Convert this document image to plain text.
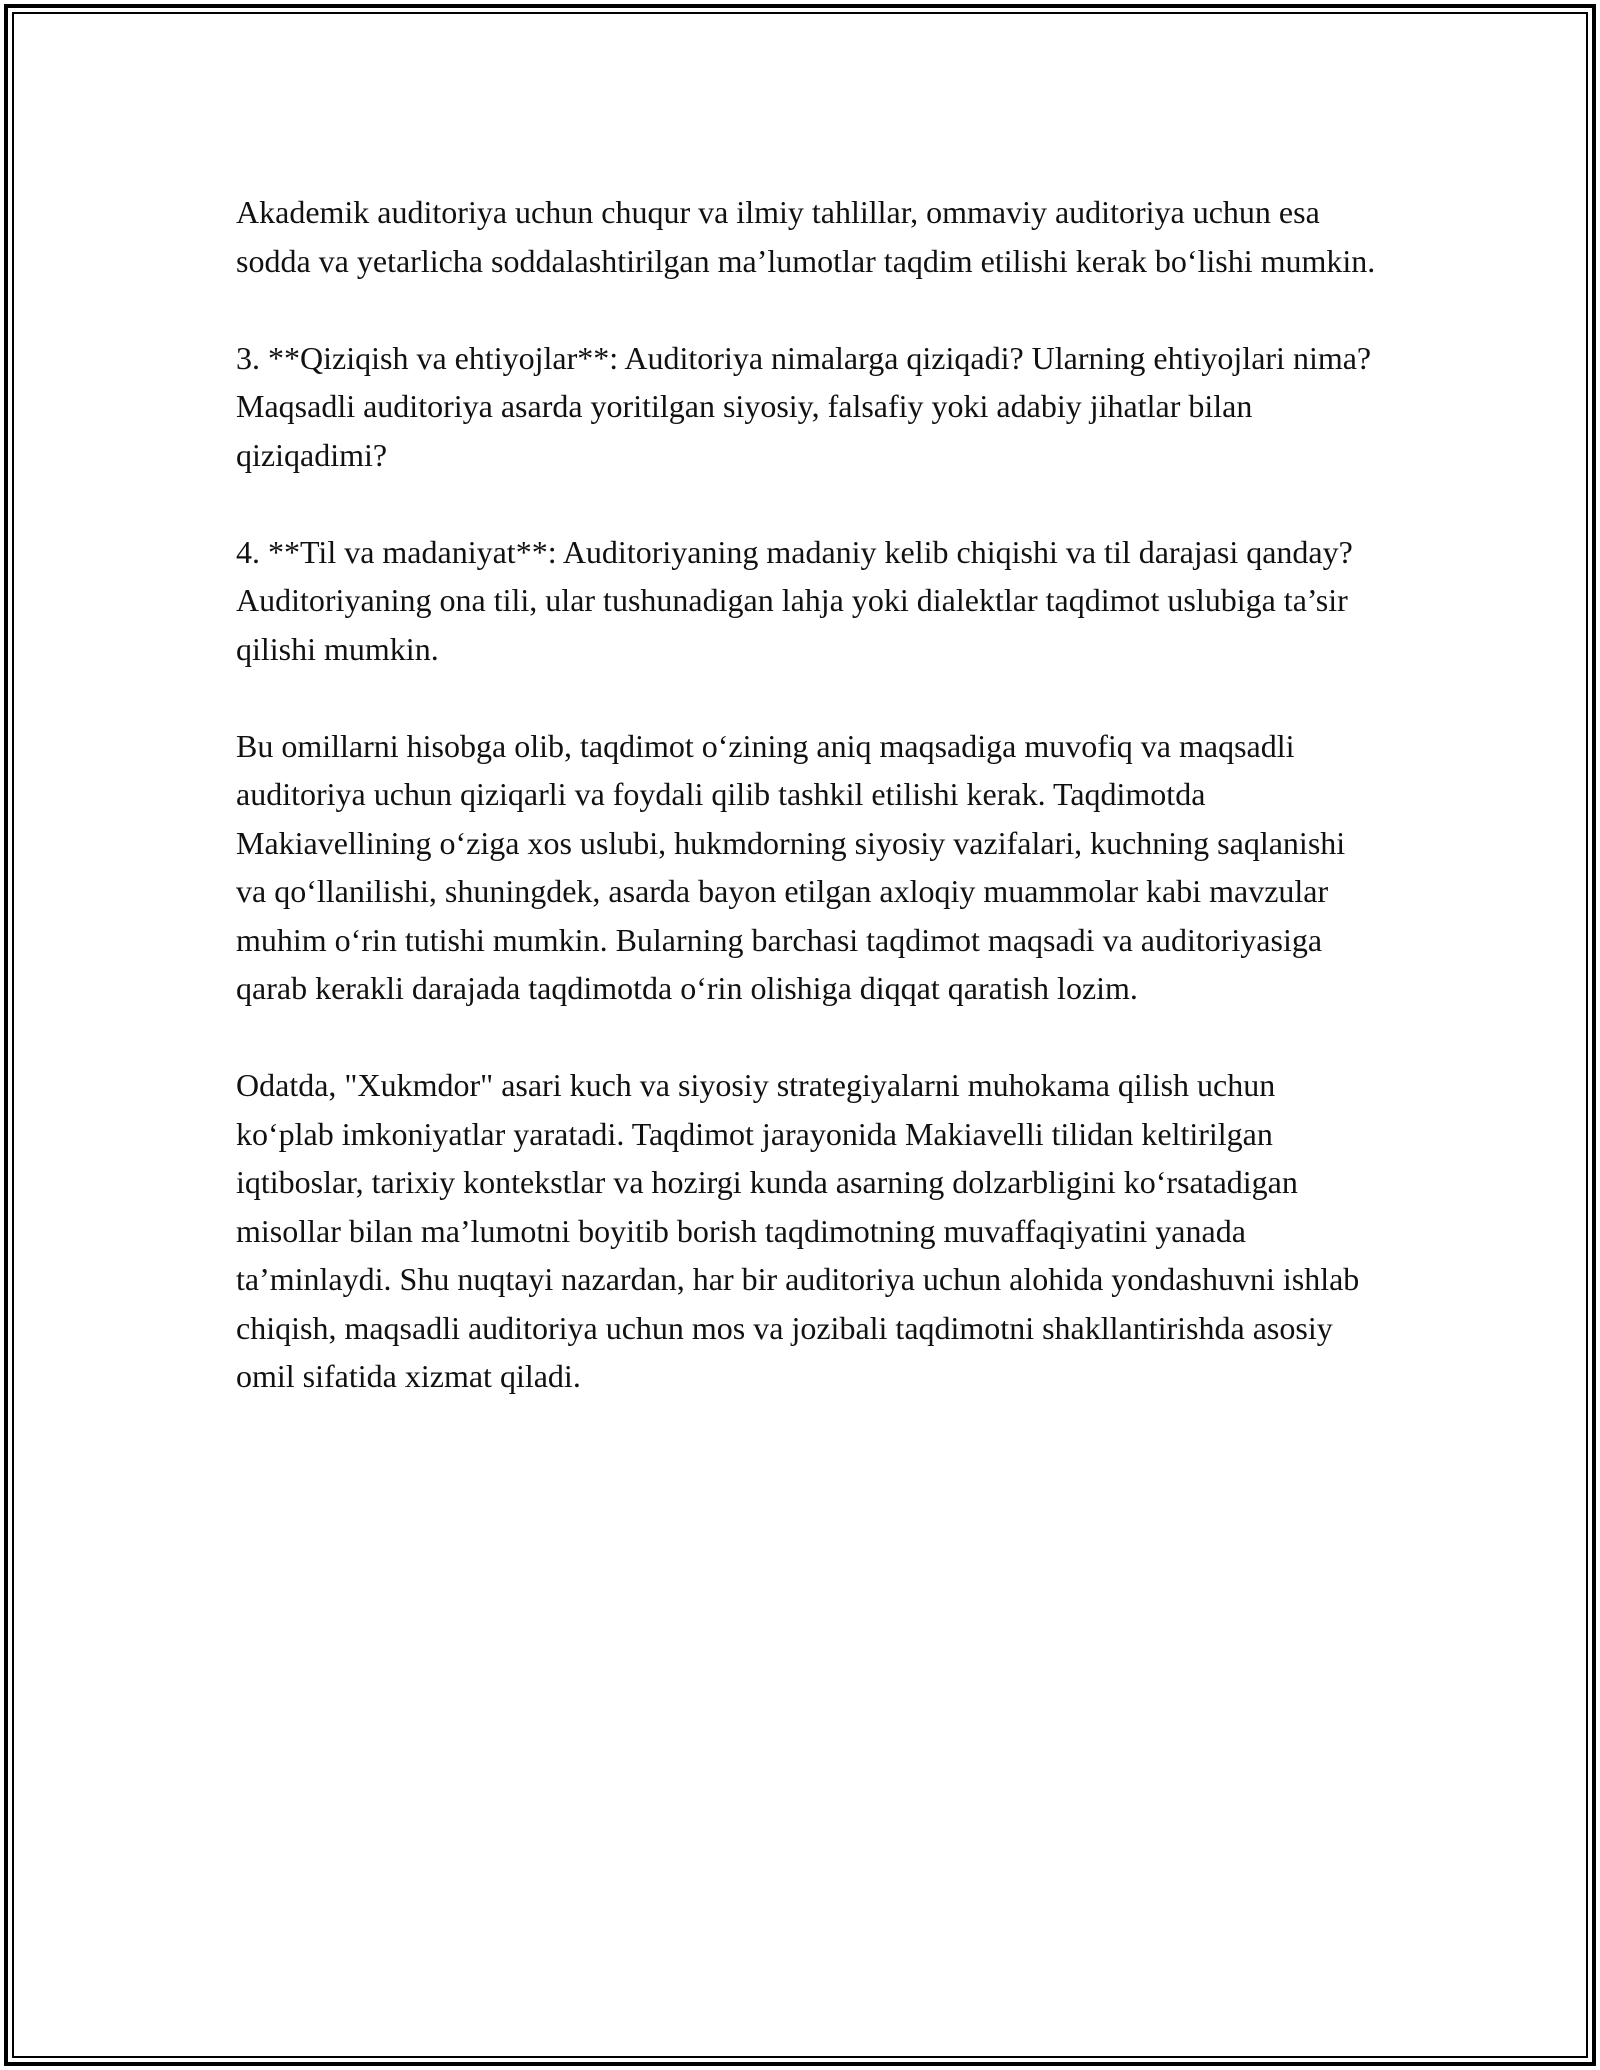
Akademik auditoriya uchun chuqur va ilmiy tahlillar, ommaviy auditoriya uchun esa sodda va yetarlicha soddalashtirilgan ma’lumotlar taqdim etilishi kerak bo‘lishi mumkin.

3. **Qiziqish va ehtiyojlar**: Auditoriya nimalarga qiziqadi? Ularning ehtiyojlari nima? Maqsadli auditoriya asarda yoritilgan siyosiy, falsafiy yoki adabiy jihatlar bilan qiziqadimi?

4. **Til va madaniyat**: Auditoriyaning madaniy kelib chiqishi va til darajasi qanday? Auditoriyaning ona tili, ular tushunadigan lahja yoki dialektlar taqdimot uslubiga ta’sir qilishi mumkin.

Bu omillarni hisobga olib, taqdimot o‘zining aniq maqsadiga muvofiq va maqsadli auditoriya uchun qiziqarli va foydali qilib tashkil etilishi kerak. Taqdimotda Makiavellining o‘ziga xos uslubi, hukmdorning siyosiy vazifalari, kuchning saqlanishi va qo‘llanilishi, shuningdek, asarda bayon etilgan axloqiy muammolar kabi mavzular muhim o‘rin tutishi mumkin. Bularning barchasi taqdimot maqsadi va auditoriyasiga qarab kerakli darajada taqdimotda o‘rin olishiga diqqat qaratish lozim.

Odatda, "Xukmdor" asari kuch va siyosiy strategiyalarni muhokama qilish uchun ko‘plab imkoniyatlar yaratadi. Taqdimot jarayonida Makiavelli tilidan keltirilgan iqtiboslar, tarixiy kontekstlar va hozirgi kunda asarning dolzarbligini ko‘rsatadigan misollar bilan ma’lumotni boyitib borish taqdimotning muvaffaqiyatini yanada ta’minlaydi. Shu nuqtayi nazardan, har bir auditoriya uchun alohida yondashuvni ishlab chiqish, maqsadli auditoriya uchun mos va jozibali taqdimotni shakllantirishda asosiy omil sifatida xizmat qiladi.
